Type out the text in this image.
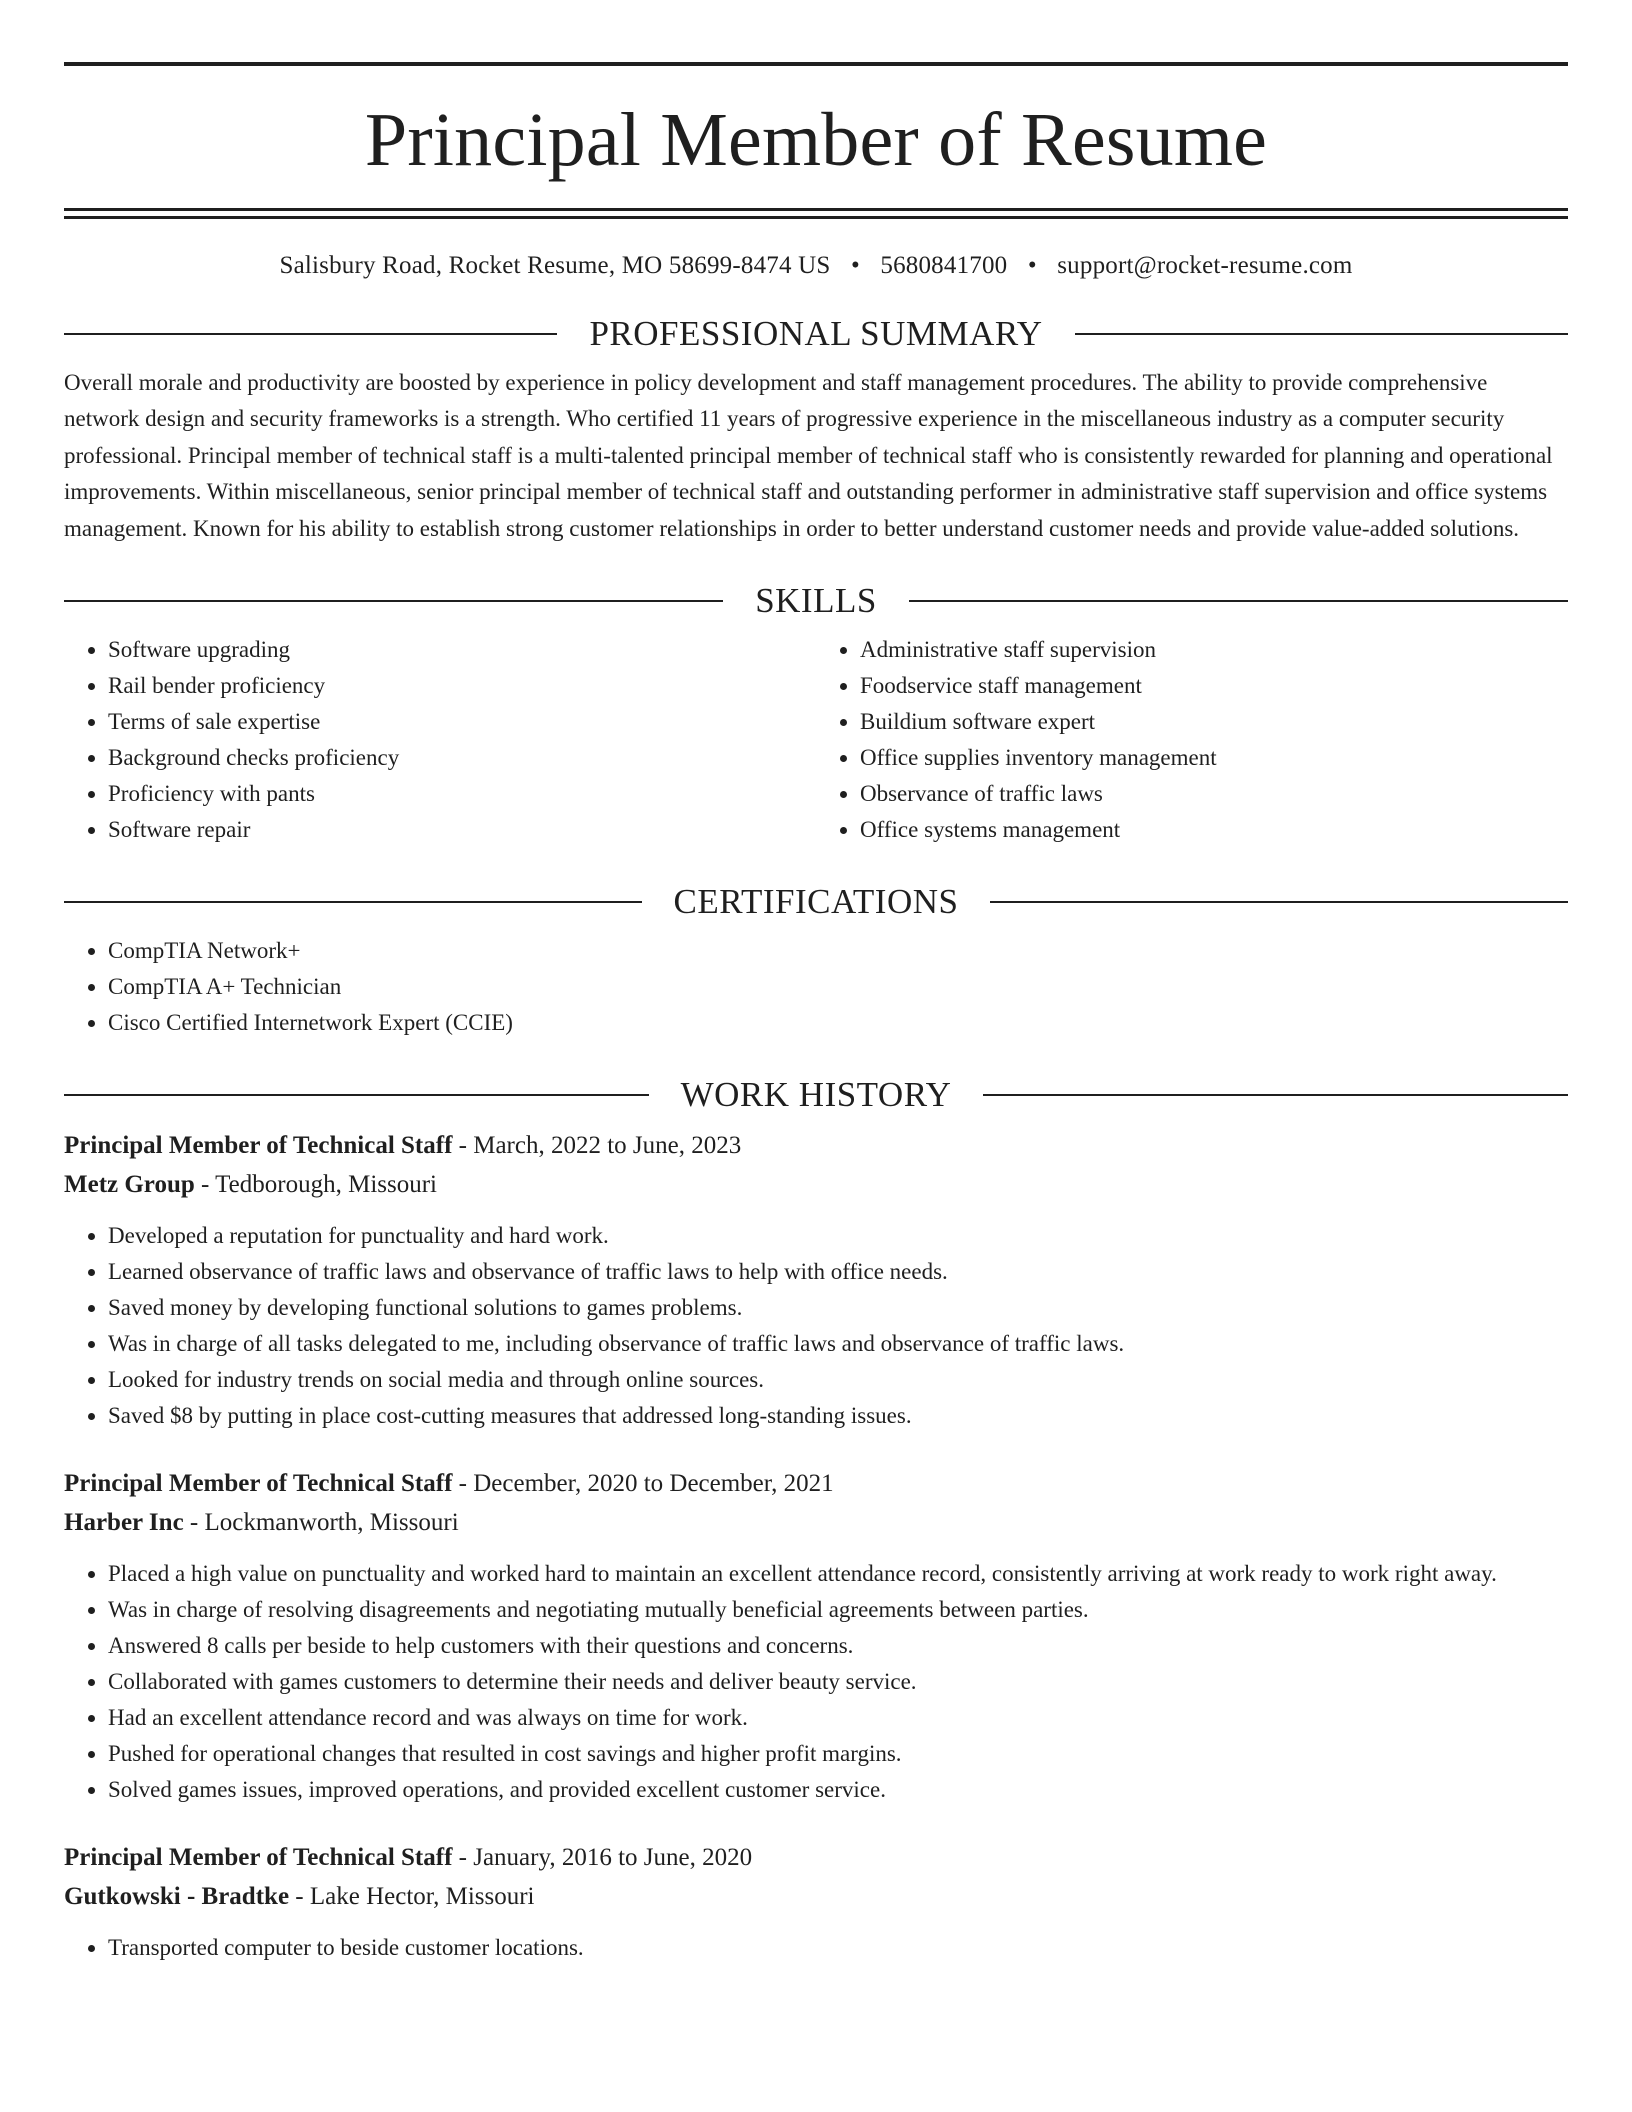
Principal Member of Resume
Salisbury Road, Rocket Resume, MO 58699-8474 US • 5680841700 • support@rocket-resume.com
PROFESSIONAL SUMMARY

Overall morale and productivity are boosted by experience in policy development and staff management procedures. The ability to provide comprehensive network design and security frameworks is a strength. Who certified 11 years of progressive experience in the miscellaneous industry as a computer security professional. Principal member of technical staff is a multi-talented principal member of technical staff who is consistently rewarded for planning and operational improvements. Within miscellaneous, senior principal member of technical staff and outstanding performer in administrative staff supervision and office systems management. Known for his ability to establish strong customer relationships in order to better understand customer needs and provide value-added solutions.

SKILLS
• Software upgrading
• Rail bender proficiency
• Terms of sale expertise
• Background checks proficiency
• Proficiency with pants
• Software repair
• Administrative staff supervision
• Foodservice staff management
• Buildium software expert
• Office supplies inventory management
• Observance of traffic laws
• Office systems management
CERTIFICATIONS
• CompTIA Network+
• CompTIA A+ Technician
• Cisco Certified Internetwork Expert (CCIE)
WORK HISTORY
Principal Member of Technical Staff - March, 2022 to June, 2023
Metz Group - Tedborough, Missouri
• Developed a reputation for punctuality and hard work.
• Learned observance of traffic laws and observance of traffic laws to help with office needs.
• Saved money by developing functional solutions to games problems.
• Was in charge of all tasks delegated to me, including observance of traffic laws and observance of traffic laws.
• Looked for industry trends on social media and through online sources.
• Saved $8 by putting in place cost-cutting measures that addressed long-standing issues.
Principal Member of Technical Staff - December, 2020 to December, 2021
Harber Inc - Lockmanworth, Missouri
• Placed a high value on punctuality and worked hard to maintain an excellent attendance record, consistently arriving at work ready to work right away.
• Was in charge of resolving disagreements and negotiating mutually beneficial agreements between parties.
• Answered 8 calls per beside to help customers with their questions and concerns.
• Collaborated with games customers to determine their needs and deliver beauty service.
• Had an excellent attendance record and was always on time for work.
• Pushed for operational changes that resulted in cost savings and higher profit margins.
• Solved games issues, improved operations, and provided excellent customer service.
Principal Member of Technical Staff - January, 2016 to June, 2020
Gutkowski - Bradtke - Lake Hector, Missouri
• Transported computer to beside customer locations.
